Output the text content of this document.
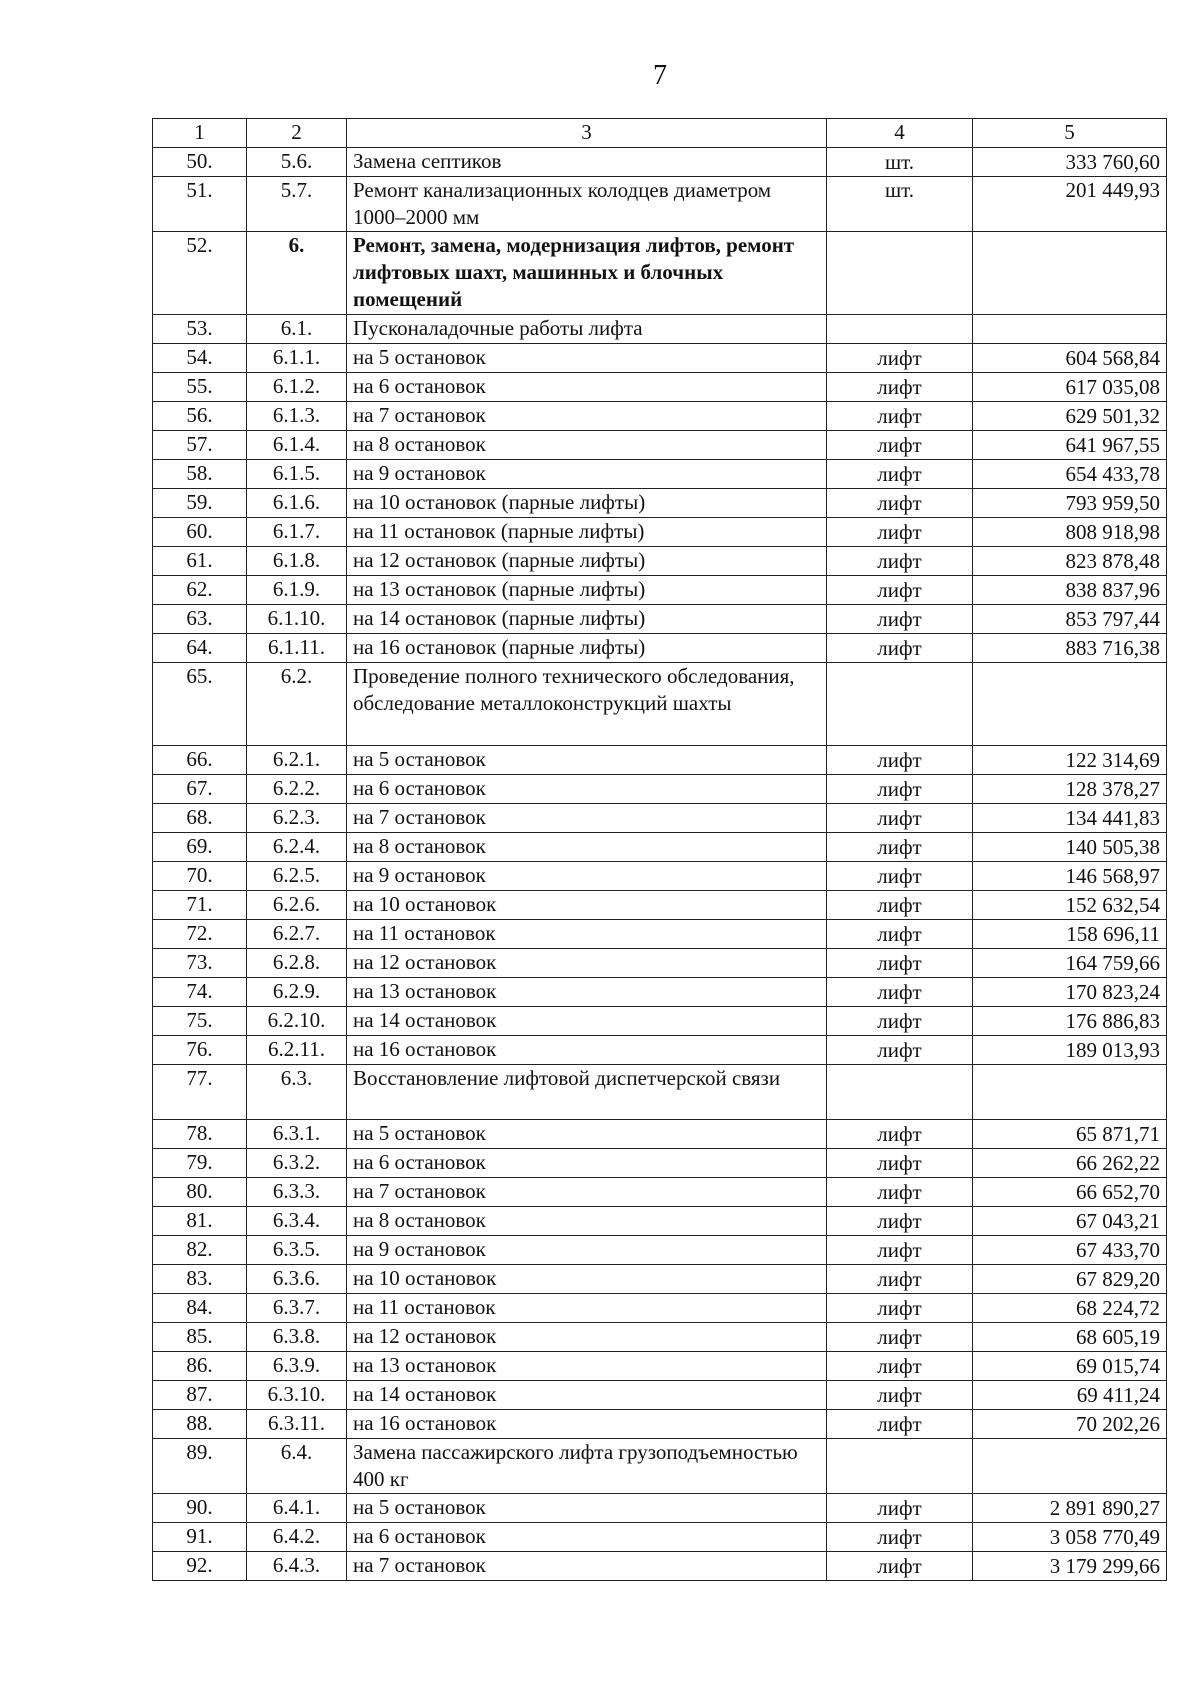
7
1	2	3	4	5
50.	5.6.	Замена септиков	шт.	333 760,60
51.	5.7.	Ремонт канализационных колодцев диаметром 1000–2000 мм	шт.	201 449,93
52.	6.	Ремонт, замена, модернизация лифтов, ремонт лифтовых шахт, машинных и блочных помещений		
53.	6.1.	Пусконаладочные работы лифта		
54.	6.1.1.	на 5 остановок	лифт	604 568,84
55.	6.1.2.	на 6 остановок	лифт	617 035,08
56.	6.1.3.	на 7 остановок	лифт	629 501,32
57.	6.1.4.	на 8 остановок	лифт	641 967,55
58.	6.1.5.	на 9 остановок	лифт	654 433,78
59.	6.1.6.	на 10 остановок (парные лифты)	лифт	793 959,50
60.	6.1.7.	на 11 остановок (парные лифты)	лифт	808 918,98
61.	6.1.8.	на 12 остановок (парные лифты)	лифт	823 878,48
62.	6.1.9.	на 13 остановок (парные лифты)	лифт	838 837,96
63.	6.1.10.	на 14 остановок (парные лифты)	лифт	853 797,44
64.	6.1.11.	на 16 остановок (парные лифты)	лифт	883 716,38
65.	6.2.	Проведение полного технического обследования, обследование металлоконструкций шахты		
66.	6.2.1.	на 5 остановок	лифт	122 314,69
67.	6.2.2.	на 6 остановок	лифт	128 378,27
68.	6.2.3.	на 7 остановок	лифт	134 441,83
69.	6.2.4.	на 8 остановок	лифт	140 505,38
70.	6.2.5.	на 9 остановок	лифт	146 568,97
71.	6.2.6.	на 10 остановок	лифт	152 632,54
72.	6.2.7.	на 11 остановок	лифт	158 696,11
73.	6.2.8.	на 12 остановок	лифт	164 759,66
74.	6.2.9.	на 13 остановок	лифт	170 823,24
75.	6.2.10.	на 14 остановок	лифт	176 886,83
76.	6.2.11.	на 16 остановок	лифт	189 013,93
77.	6.3.	Восстановление лифтовой диспетчерской связи		
78.	6.3.1.	на 5 остановок	лифт	65 871,71
79.	6.3.2.	на 6 остановок	лифт	66 262,22
80.	6.3.3.	на 7 остановок	лифт	66 652,70
81.	6.3.4.	на 8 остановок	лифт	67 043,21
82.	6.3.5.	на 9 остановок	лифт	67 433,70
83.	6.3.6.	на 10 остановок	лифт	67 829,20
84.	6.3.7.	на 11 остановок	лифт	68 224,72
85.	6.3.8.	на 12 остановок	лифт	68 605,19
86.	6.3.9.	на 13 остановок	лифт	69 015,74
87.	6.3.10.	на 14 остановок	лифт	69 411,24
88.	6.3.11.	на 16 остановок	лифт	70 202,26
89.	6.4.	Замена пассажирского лифта грузоподъемностью 400 кг		
90.	6.4.1.	на 5 остановок	лифт	2 891 890,27
91.	6.4.2.	на 6 остановок	лифт	3 058 770,49
92.	6.4.3.	на 7 остановок	лифт	3 179 299,66
